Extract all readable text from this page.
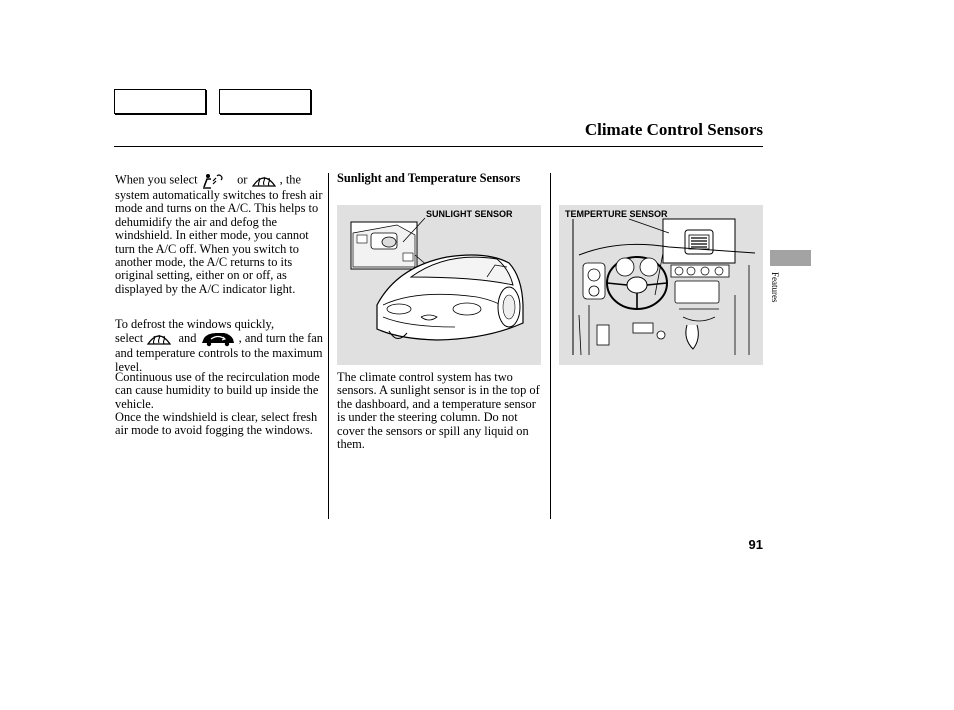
Climate Control Sensors
When you select	or	, the system automatically switches to fresh air mode and turns on the A/C. This helps to dehumidify the air and defog the windshield. In either mode, you cannot turn the A/C off. When you switch to another mode, the A/C returns to its original setting, either on or off, as displayed by the A/C indicator light.
To defrost the windows quickly,
select	and	, and turn the fan and temperature controls to the maximum level.
Continuous use of the recirculation mode can cause humidity to build up inside the vehicle.
Once the windshield is clear, select fresh air mode to avoid fogging the windows.
Sunlight and Temperature Sensors
SUNLIGHT SENSOR
The climate control system has two sensors. A sunlight sensor is in the top of the dashboard, and a temperature sensor is under the steering column. Do not cover the sensors or spill any liquid on them.
TEMPERTURE SENSOR
Features
91
